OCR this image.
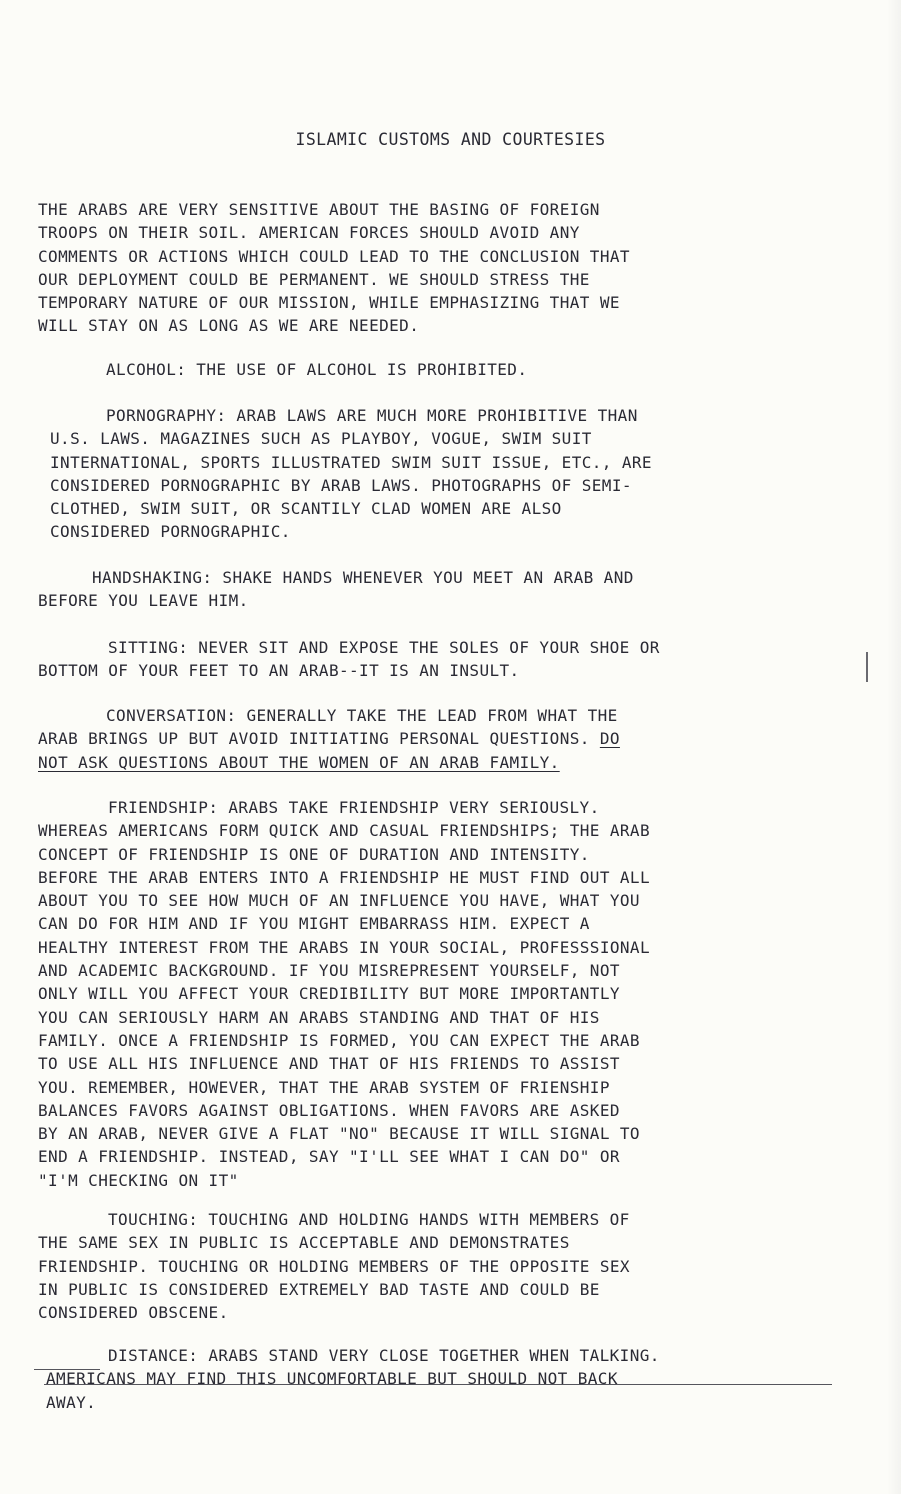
ISLAMIC CUSTOMS AND COURTESIES
THE ARABS ARE VERY SENSITIVE ABOUT THE BASING OF FOREIGN
TROOPS ON THEIR SOIL. AMERICAN FORCES SHOULD AVOID ANY
COMMENTS OR ACTIONS WHICH COULD LEAD TO THE CONCLUSION THAT
OUR DEPLOYMENT COULD BE PERMANENT. WE SHOULD STRESS THE
TEMPORARY NATURE OF OUR MISSION, WHILE EMPHASIZING THAT WE
WILL STAY ON AS LONG AS WE ARE NEEDED.
ALCOHOL: THE USE OF ALCOHOL IS PROHIBITED.
PORNOGRAPHY: ARAB LAWS ARE MUCH MORE PROHIBITIVE THAN
U.S. LAWS. MAGAZINES SUCH AS PLAYBOY, VOGUE, SWIM SUIT
INTERNATIONAL, SPORTS ILLUSTRATED SWIM SUIT ISSUE, ETC., ARE
CONSIDERED PORNOGRAPHIC BY ARAB LAWS. PHOTOGRAPHS OF SEMI-
CLOTHED, SWIM SUIT, OR SCANTILY CLAD WOMEN ARE ALSO
CONSIDERED PORNOGRAPHIC.
HANDSHAKING: SHAKE HANDS WHENEVER YOU MEET AN ARAB AND
BEFORE YOU LEAVE HIM.
SITTING: NEVER SIT AND EXPOSE THE SOLES OF YOUR SHOE OR
BOTTOM OF YOUR FEET TO AN ARAB--IT IS AN INSULT.
CONVERSATION: GENERALLY TAKE THE LEAD FROM WHAT THE
ARAB BRINGS UP BUT AVOID INITIATING PERSONAL QUESTIONS. DO
NOT ASK QUESTIONS ABOUT THE WOMEN OF AN ARAB FAMILY.
FRIENDSHIP: ARABS TAKE FRIENDSHIP VERY SERIOUSLY.
WHEREAS AMERICANS FORM QUICK AND CASUAL FRIENDSHIPS; THE ARAB
CONCEPT OF FRIENDSHIP IS ONE OF DURATION AND INTENSITY.
BEFORE THE ARAB ENTERS INTO A FRIENDSHIP HE MUST FIND OUT ALL
ABOUT YOU TO SEE HOW MUCH OF AN INFLUENCE YOU HAVE, WHAT YOU
CAN DO FOR HIM AND IF YOU MIGHT EMBARRASS HIM. EXPECT A
HEALTHY INTEREST FROM THE ARABS IN YOUR SOCIAL, PROFESSSIONAL
AND ACADEMIC BACKGROUND. IF YOU MISREPRESENT YOURSELF, NOT
ONLY WILL YOU AFFECT YOUR CREDIBILITY BUT MORE IMPORTANTLY
YOU CAN SERIOUSLY HARM AN ARABS STANDING AND THAT OF HIS
FAMILY. ONCE A FRIENDSHIP IS FORMED, YOU CAN EXPECT THE ARAB
TO USE ALL HIS INFLUENCE AND THAT OF HIS FRIENDS TO ASSIST
YOU. REMEMBER, HOWEVER, THAT THE ARAB SYSTEM OF FRIENSHIP
BALANCES FAVORS AGAINST OBLIGATIONS. WHEN FAVORS ARE ASKED
BY AN ARAB, NEVER GIVE A FLAT "NO" BECAUSE IT WILL SIGNAL TO
END A FRIENDSHIP. INSTEAD, SAY "I'LL SEE WHAT I CAN DO" OR
"I'M CHECKING ON IT"
TOUCHING: TOUCHING AND HOLDING HANDS WITH MEMBERS OF
THE SAME SEX IN PUBLIC IS ACCEPTABLE AND DEMONSTRATES
FRIENDSHIP. TOUCHING OR HOLDING MEMBERS OF THE OPPOSITE SEX
IN PUBLIC IS CONSIDERED EXTREMELY BAD TASTE AND COULD BE
CONSIDERED OBSCENE.
DISTANCE: ARABS STAND VERY CLOSE TOGETHER WHEN TALKING.
AMERICANS MAY FIND THIS UNCOMFORTABLE BUT SHOULD NOT BACK
AWAY.
